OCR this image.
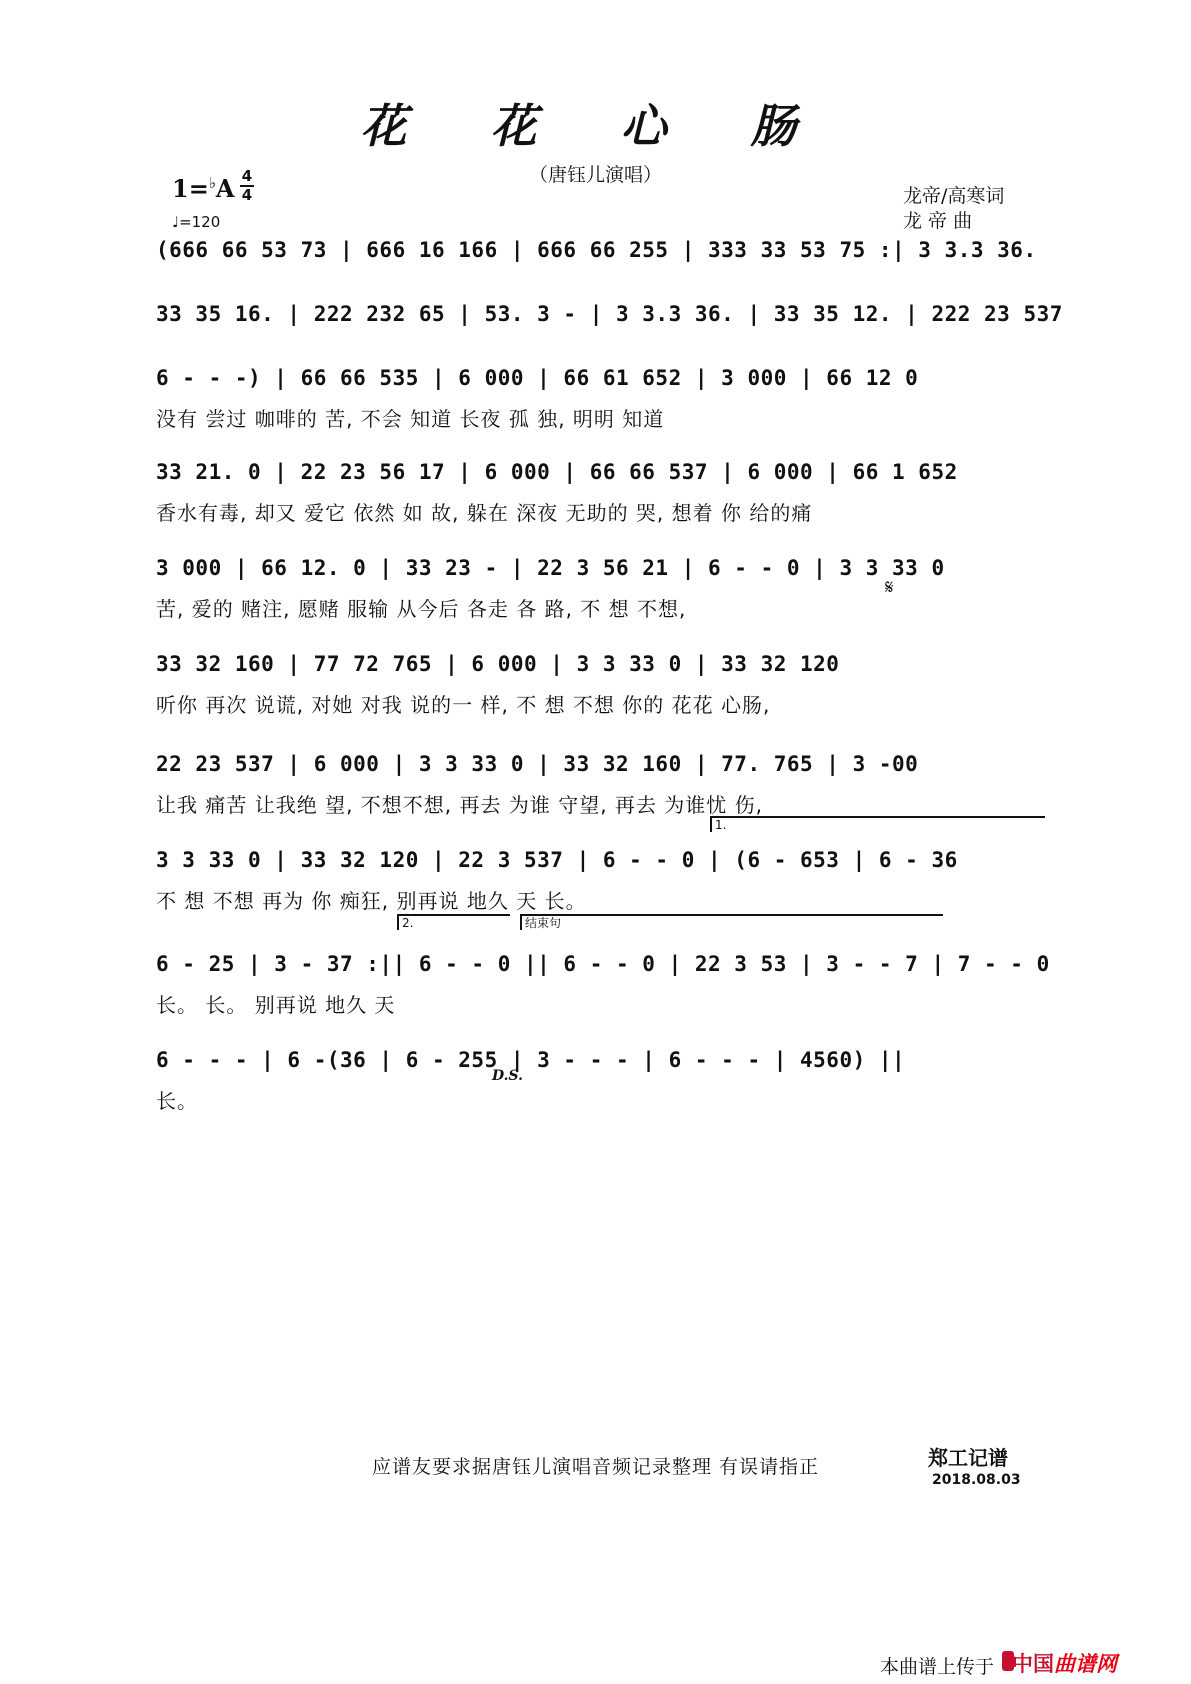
花 花 心 肠
（唐钰儿演唱）
1=♭A 4
4
♩=120
龙帝/高寒词
龙 帝 曲
𝄋
(666 66 53 73 | 666 16 166 | 666 66 255 | 333 33 53 75 :| 3 3.3 36.
33 35 16. | 222 232 65 | 53. 3 - | 3 3.3 36. | 33 35 12. | 222 23 537
6 - - -) | 66 66 535 | 6 000 | 66 61 652 | 3 000 | 66 12 0
没有 尝过 咖啡的 苦, 不会 知道 长夜 孤 独, 明明 知道
33 21. 0 | 22 23 56 17 | 6 000 | 66 66 537 | 6 000 | 66 1 652
香水有毒, 却又 爱它 依然 如 故, 躲在 深夜 无助的 哭, 想着 你 给的痛
3 000 | 66 12. 0 | 33 23 - | 22 3 56 21 | 6 - - 0 | 3 3 33 0
苦, 爱的 赌注, 愿赌 服输 从今后 各走 各 路, 不 想 不想,
33 32 160 | 77 72 765 | 6 000 | 3 3 33 0 | 33 32 120
听你 再次 说谎, 对她 对我 说的一 样, 不 想 不想 你的 花花 心肠,
22 23 537 | 6 000 | 3 3 33 0 | 33 32 160 | 77. 765 | 3 -00
让我 痛苦 让我绝 望, 不想不想, 再去 为谁 守望, 再去 为谁忧 伤,
1.
3 3 33 0 | 33 32 120 | 22 3 537 | 6 - - 0 | (6 - 653 | 6 - 36
不 想 不想 再为 你 痴狂, 别再说 地久 天 长。
2.	结束句
6 - 25 | 3 - 37 :|| 6 - - 0 || 6 - - 0 | 22 3 53 | 3 - - 7 | 7 - - 0
长。 长。 别再说 地久 天
D.S.
6 - - - | 6 -(36 | 6 - 255 | 3 - - - | 6 - - - | 4560) ||
长。
应谱友要求据唐钰儿演唱音频记录整理 有误请指正	郑工记谱
2018.08.03
本曲谱上传于 中国曲谱网
